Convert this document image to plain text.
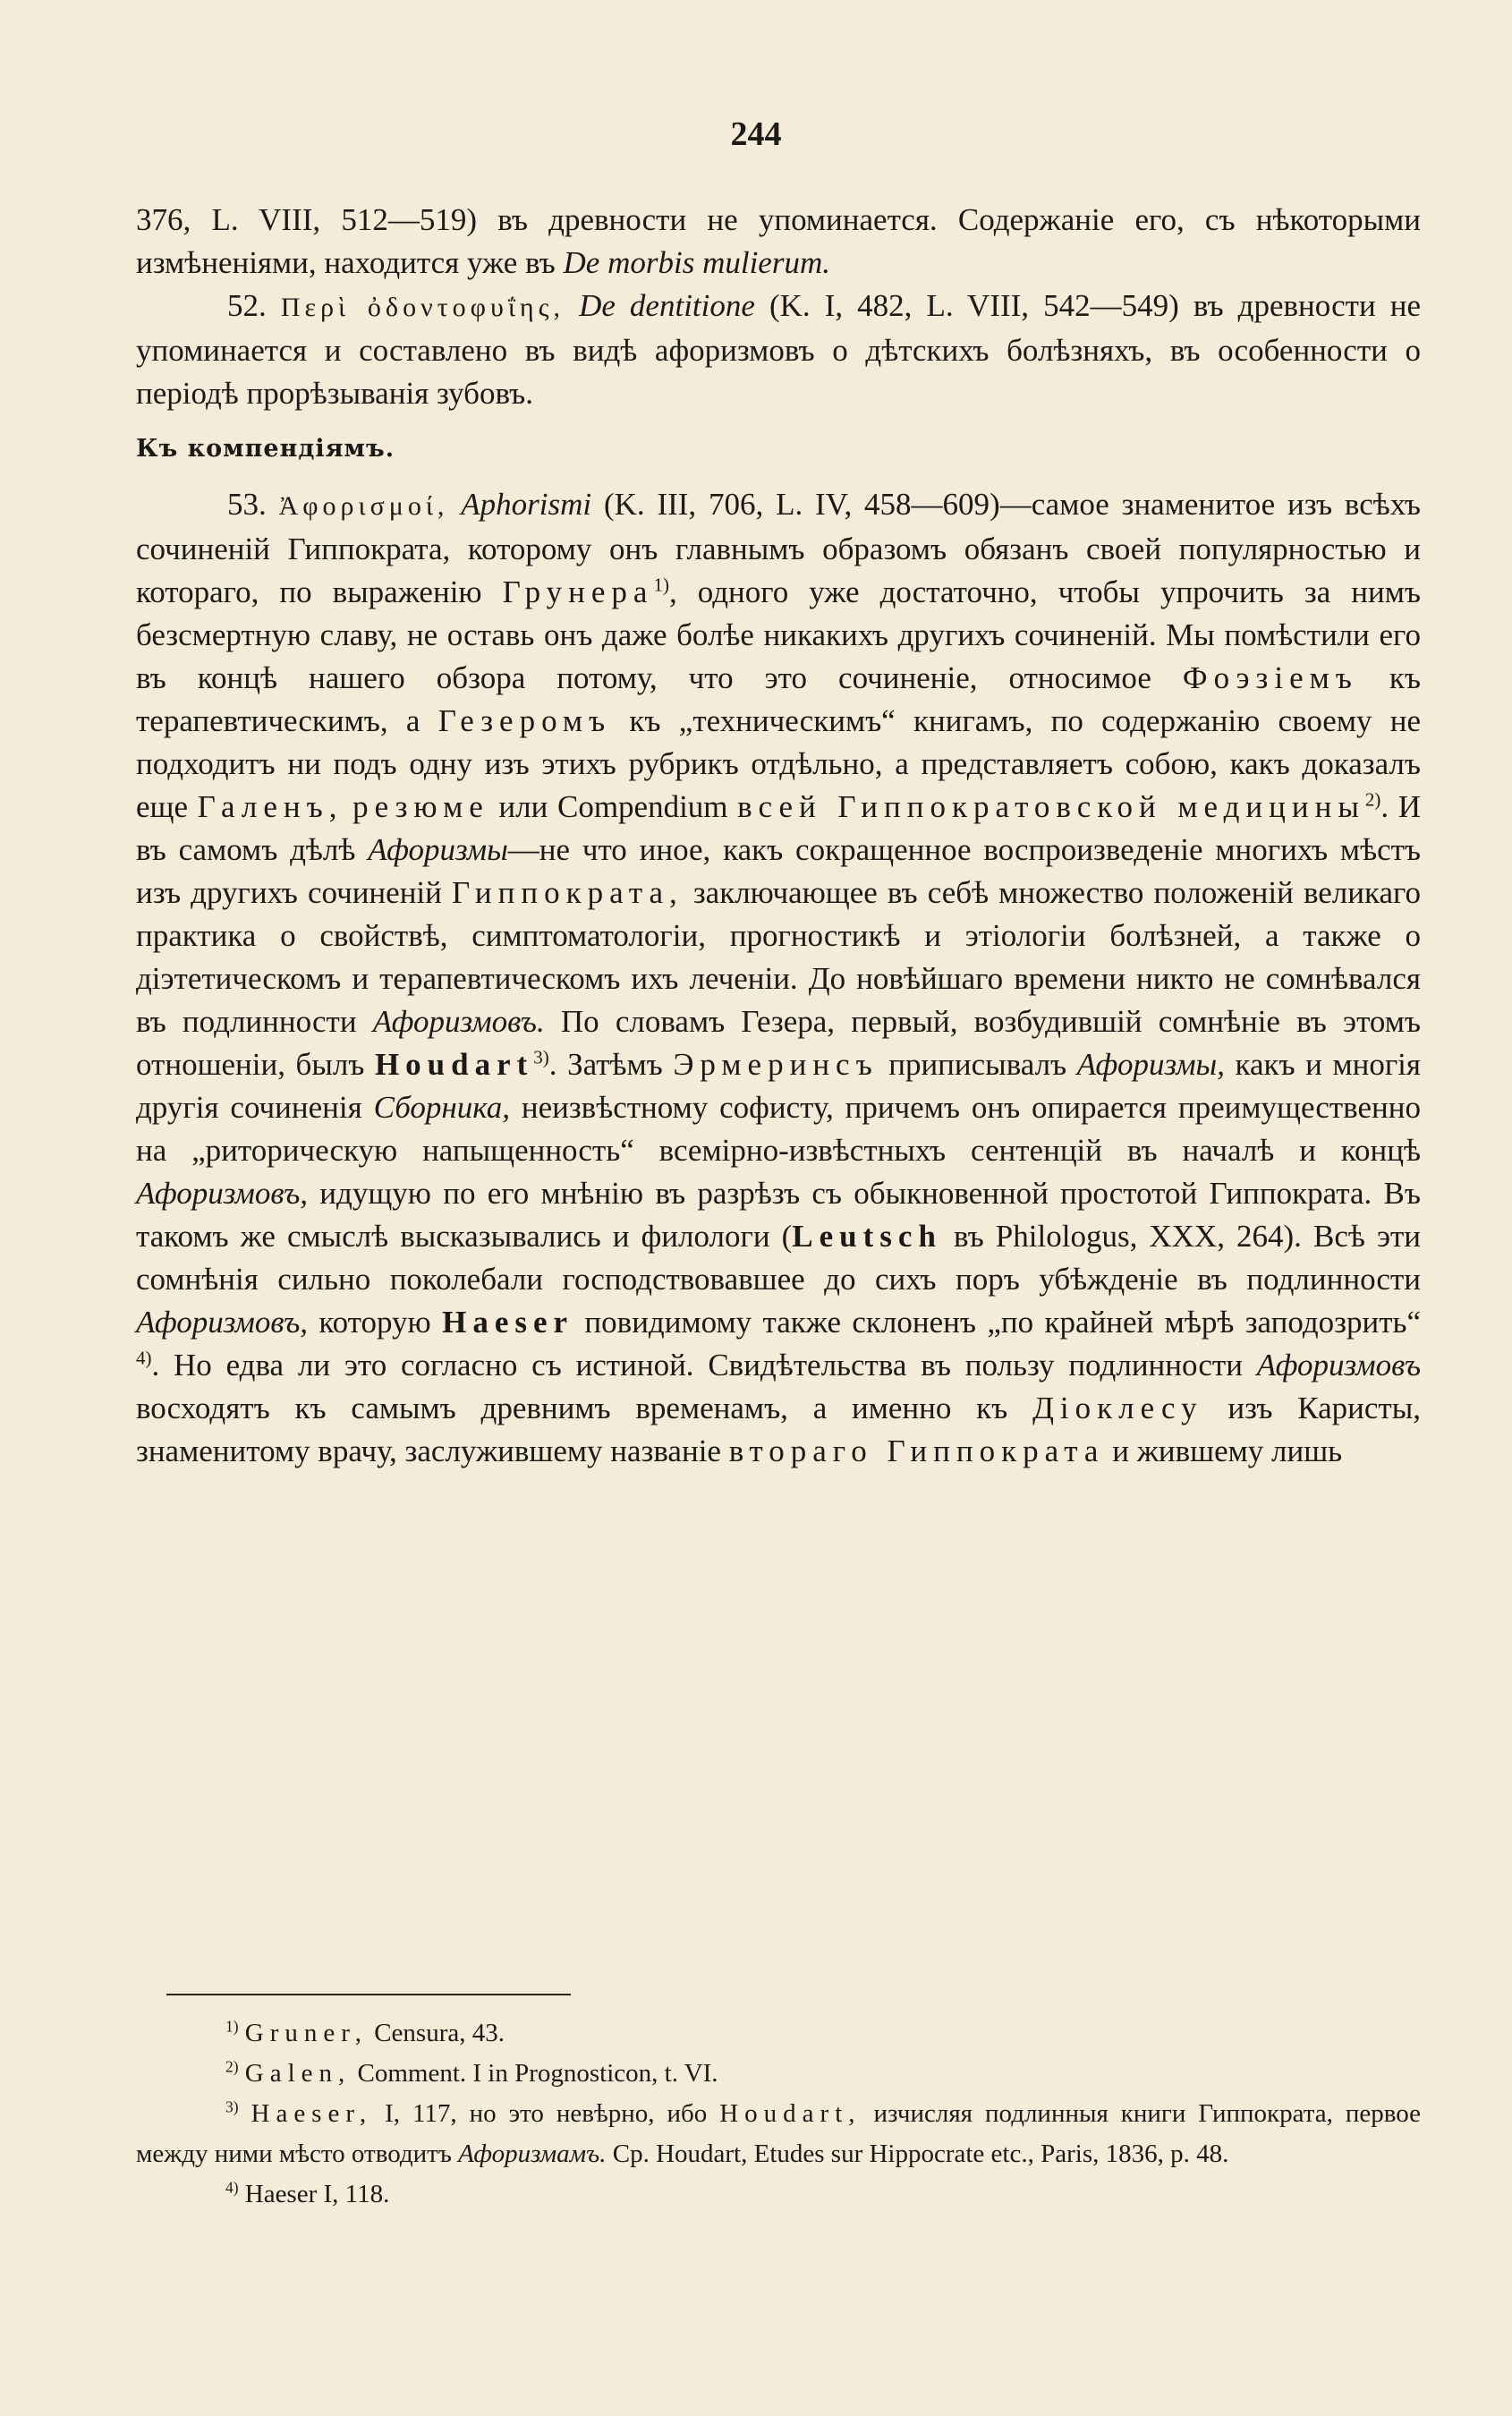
244

376, L. VIII, 512—519) въ древности не упоминается. Содержаніе его, съ нѣкоторыми измѣненіями, находится уже въ De morbis mulierum.

52. Περὶ ὀδοντοφυΐης, De dentitione (K. I, 482, L. VIII, 542—549) въ древности не упоминается и составлено въ видѣ афоризмовъ о дѣтскихъ болѣзняхъ, въ особенности о періодѣ прорѣзыванія зубовъ.

Къ компендіямъ.

53. Ἀφορισμοί, Aphorismi (K. III, 706, L. IV, 458—609)—самое знаменитое изъ всѣхъ сочиненій Гиппократа, которому онъ главнымъ образомъ обязанъ своей популярностью и котораго, по выраженію Грунера$^{1)}$, одного уже достаточно, чтобы упрочить за нимъ безсмертную славу, не оставь онъ даже болѣе никакихъ другихъ сочиненій. Мы помѣстили его въ концѣ нашего обзора потому, что это сочиненіе, относимое Фоэзіемъ къ терапевтическимъ, а Гезеромъ къ „техническимъ“ книгамъ, по содержанію своему не подходитъ ни подъ одну изъ этихъ рубрикъ отдѣльно, а представляетъ собою, какъ доказалъ еще Галенъ, резюме или Compendium всей Гиппократовской медицины$^{2)}$. И въ самомъ дѣлѣ Афоризмы—не что иное, какъ сокращенное воспроизведеніе многихъ мѣстъ изъ другихъ сочиненій Гиппократа, заключающее въ себѣ множество положеній великаго практика о свойствѣ, симптоматологіи, прогностикѣ и этіологіи болѣзней, а также о діэтетическомъ и терапевтическомъ ихъ леченіи. До новѣйшаго времени никто не сомнѣвался въ подлинности Афоризмовъ. По словамъ Гезера, первый, возбудившій сомнѣніе въ этомъ отношеніи, былъ Houdart$^{3)}$. Затѣмъ Эрмеринсъ приписывалъ Афоризмы, какъ и многія другія сочиненія Сборника, неизвѣстному софисту, причемъ онъ опирается преимущественно на „риторическую напыщенность“ всемірно-извѣстныхъ сентенцій въ началѣ и концѣ Афоризмовъ, идущую по его мнѣнію въ разрѣзъ съ обыкновенной простотой Гиппократа. Въ такомъ же смыслѣ высказывались и филологи (Leutsch въ Philologus, XXX, 264). Всѣ эти сомнѣнія сильно поколебали господствовавшее до сихъ поръ убѣжденіе въ подлинности Афоризмовъ, которую Haeser повидимому также склоненъ „по крайней мѣрѣ заподозрить“ $^{4)}$. Но едва ли это согласно съ истиной. Свидѣтельства въ пользу подлинности Афоризмовъ восходятъ къ самымъ древнимъ временамъ, а именно къ Діоклесу изъ Каристы, знаменитому врачу, заслужившему названіе втораго Гиппократа и жившему лишь

$^{1)}$ Gruner, Censura, 43.

$^{2)}$ Galen, Comment. I in Prognosticon, t. VI.

$^{3)}$ Haeser, I, 117, но это невѣрно, ибо Houdart, изчисляя подлинныя книги Гиппократа, первое между ними мѣсто отводитъ Афоризмамъ. Ср. Houdart, Etudes sur Hippocrate etc., Paris, 1836, p. 48.

$^{4)}$ Haeser I, 118.
